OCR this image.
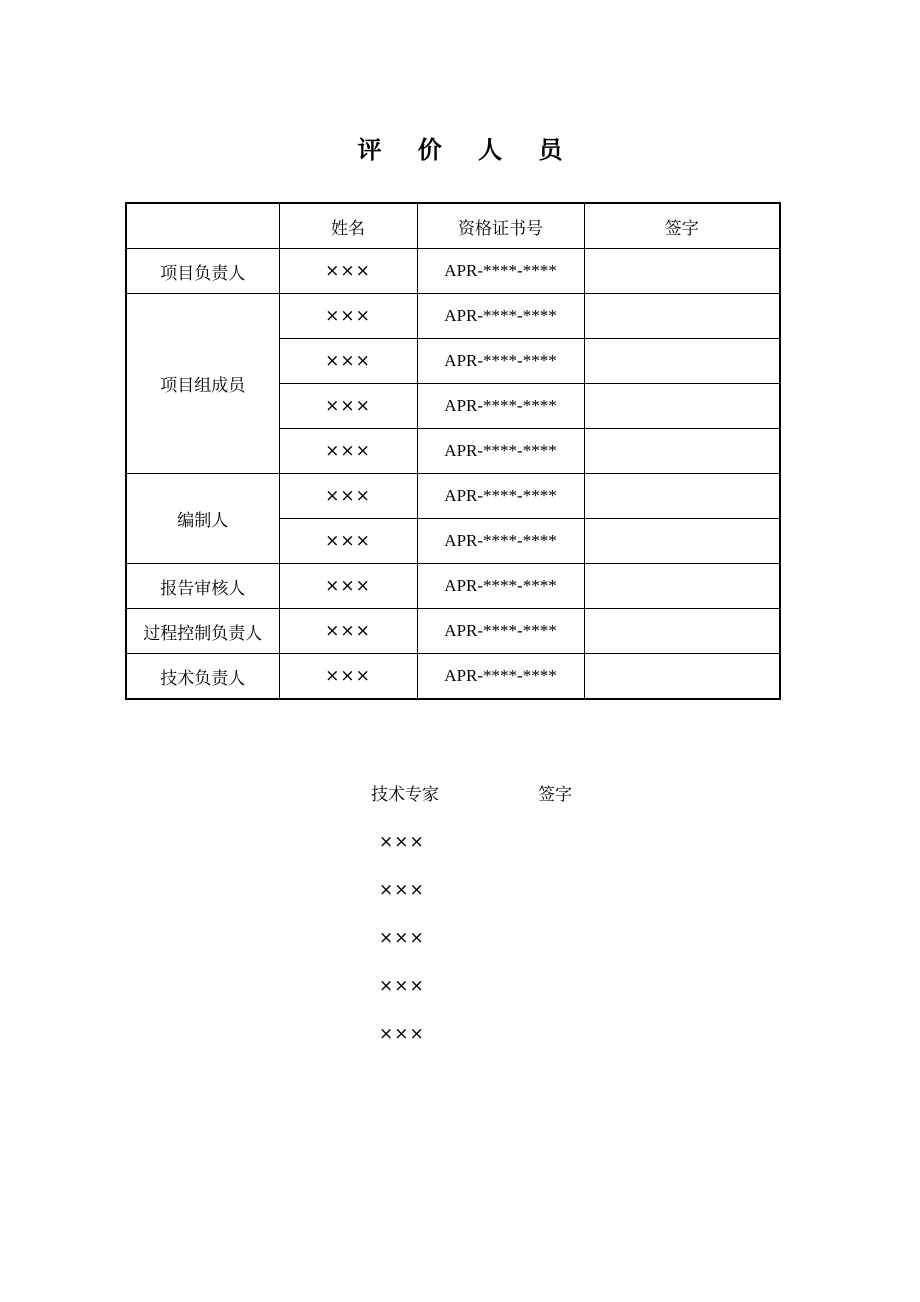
评 价 人 员
	姓名	资格证书号	签字
项目负责人	×××	APR-****-****	
项目组成员	×××	APR-****-****	
	×××	APR-****-****	
	×××	APR-****-****	
	×××	APR-****-****	
编制人	×××	APR-****-****	
	×××	APR-****-****	
报告审核人	×××	APR-****-****	
过程控制负责人	×××	APR-****-****	
技术负责人	×××	APR-****-****	
技术专家	签字
×××
×××
×××
×××
×××
